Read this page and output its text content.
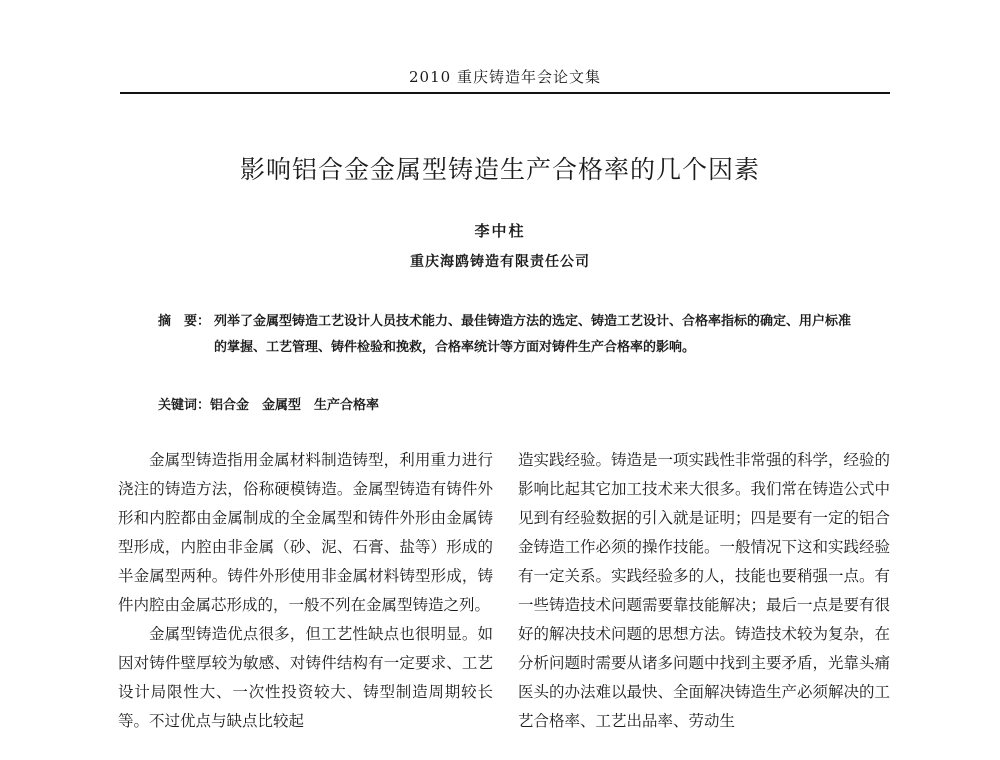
2010 重庆铸造年会论文集
影响铝合金金属型铸造生产合格率的几个因素
李中柱
重庆海鸥铸造有限责任公司
摘　要： 列举了金属型铸造工艺设计人员技术能力、最佳铸造方法的选定、铸造工艺设计、合格率指标的确定、用户标准的掌握、工艺管理、铸件检验和挽救，合格率统计等方面对铸件生产合格率的影响。
关键词：铝合金　金属型　生产合格率

金属型铸造指用金属材料制造铸型，利用重力进行浇注的铸造方法，俗称硬模铸造。金属型铸造有铸件外形和内腔都由金属制成的全金属型和铸件外形由金属铸型形成，内腔由非金属（砂、泥、石膏、盐等）形成的半金属型两种。铸件外形使用非金属材料铸型形成，铸件内腔由金属芯形成的，一般不列在金属型铸造之列。

金属型铸造优点很多，但工艺性缺点也很明显。如因对铸件壁厚较为敏感、对铸件结构有一定要求、工艺设计局限性大、一次性投资较大、铸型制造周期较长等。不过优点与缺点比较起

造实践经验。铸造是一项实践性非常强的科学，经验的影响比起其它加工技术来大很多。我们常在铸造公式中见到有经验数据的引入就是证明；四是要有一定的铝合金铸造工作必须的操作技能。一般情况下这和实践经验有一定关系。实践经验多的人，技能也要稍强一点。有一些铸造技术问题需要靠技能解决；最后一点是要有很好的解决技术问题的思想方法。铸造技术较为复杂，在分析问题时需要从诸多问题中找到主要矛盾，光靠头痛医头的办法难以最快、全面解决铸造生产必须解决的工艺合格率、工艺出品率、劳动生
